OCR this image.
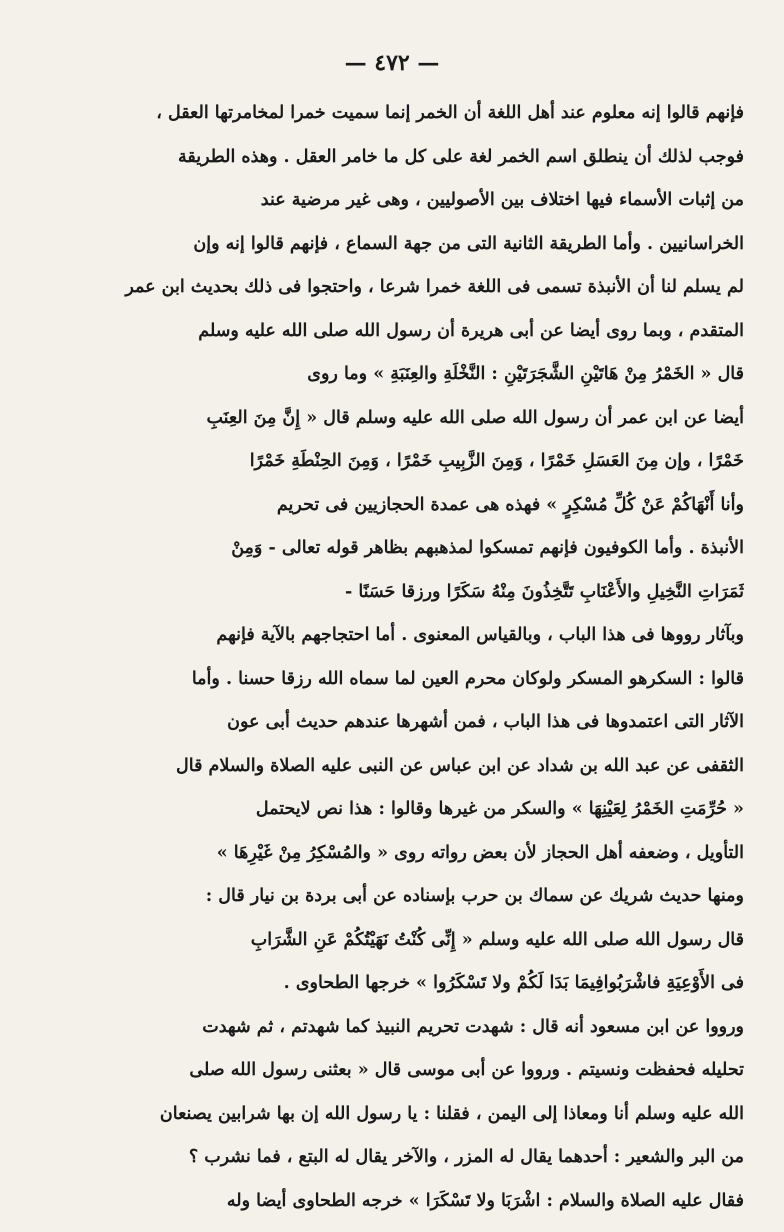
— ٤٧٢ —
فإنهم قالوا إنه معلوم عند أهل اللغة أن الخمر إنما سميت خمرا لمخامرتها العقل ،
فوجب لذلك أن ينطلق اسم الخمر لغة على كل ما خامر العقل . وهذه الطريقة
من إثبات الأسماء فيها اختلاف بين الأصوليين ، وهى غير مرضية عند
الخراسانيين . وأما الطريقة الثانية التى من جهة السماع ، فإنهم قالوا إنه وإن
لم يسلم لنا أن الأنبذة تسمى فى اللغة خمرا شرعا ، واحتجوا فى ذلك بحديث ابن عمر
المتقدم ، وبما روى أيضا عن أبى هريرة أن رسول الله صلى الله عليه وسلم
قال « الخَمْرُ مِنْ هَاتَيْنِ الشَّجَرَتَيْنِ : النَّخْلَةِ والعِنَبَةِ » وما روى
أيضا عن ابن عمر أن رسول الله صلى الله عليه وسلم قال « إِنَّ مِنَ العِنَبِ
خَمْرًا ، وإن مِنَ العَسَلِ خَمْرًا ، وَمِنَ الزَّبِيبِ خَمْرًا ، وَمِنَ الحِنْطَةِ خَمْرًا
وأنا أَنْهَاكُمْ عَنْ كُلِّ مُسْكِرٍ » فهذه هى عمدة الحجازيين فى تحريم
الأنبذة . وأما الكوفيون فإنهم تمسكوا لمذهبهم بظاهر قوله تعالى - وَمِنْ
ثَمَرَاتِ النَّخِيلِ والأَعْنَابِ تَتَّخِذُونَ مِنْهُ سَكَرًا ورزقا حَسَنًا -
وبآثار رووها فى هذا الباب ، وبالقياس المعنوى . أما احتجاجهم بالآية فإنهم
قالوا : السكرهو المسكر ولوكان محرم العين لما سماه الله رزقا حسنا . وأما
الآثار التى اعتمدوها فى هذا الباب ، فمن أشهرها عندهم حديث أبى عون
الثقفى عن عبد الله بن شداد عن ابن عباس عن النبى عليه الصلاة والسلام قال
« حُرِّمَتِ الخَمْرُ لِعَيْنِهَا » والسكر من غيرها وقالوا : هذا نص لايحتمل
التأويل ، وضعفه أهل الحجاز لأن بعض رواته روى « والمُسْكِرُ مِنْ غَيْرِهَا »
ومنها حديث شريك عن سماك بن حرب بإسناده عن أبى بردة بن نيار قال :
قال رسول الله صلى الله عليه وسلم « إِنِّى كُنْتُ نَهَيْتُكُمْ عَنِ الشَّرَابِ
فى الأَوْعِيَةِ فاشْرَبُوافِيمَا بَدَا لَكُمْ ولا تَسْكَرُوا » خرجها الطحاوى .
ورووا عن ابن مسعود أنه قال : شهدت تحريم النبيذ كما شهدتم ، ثم شهدت
تحليله فحفظت ونسيتم . ورووا عن أبى موسى قال « بعثنى رسول الله صلى
الله عليه وسلم أنا ومعاذا إلى اليمن ، فقلنا : يا رسول الله إن بها شرابين يصنعان
من البر والشعير : أحدهما يقال له المزر ، والآخر يقال له البتع ، فما نشرب ؟
فقال عليه الصلاة والسلام : اشْرَبَا ولا تَسْكَرَا » خرجه الطحاوى أيضا وله
